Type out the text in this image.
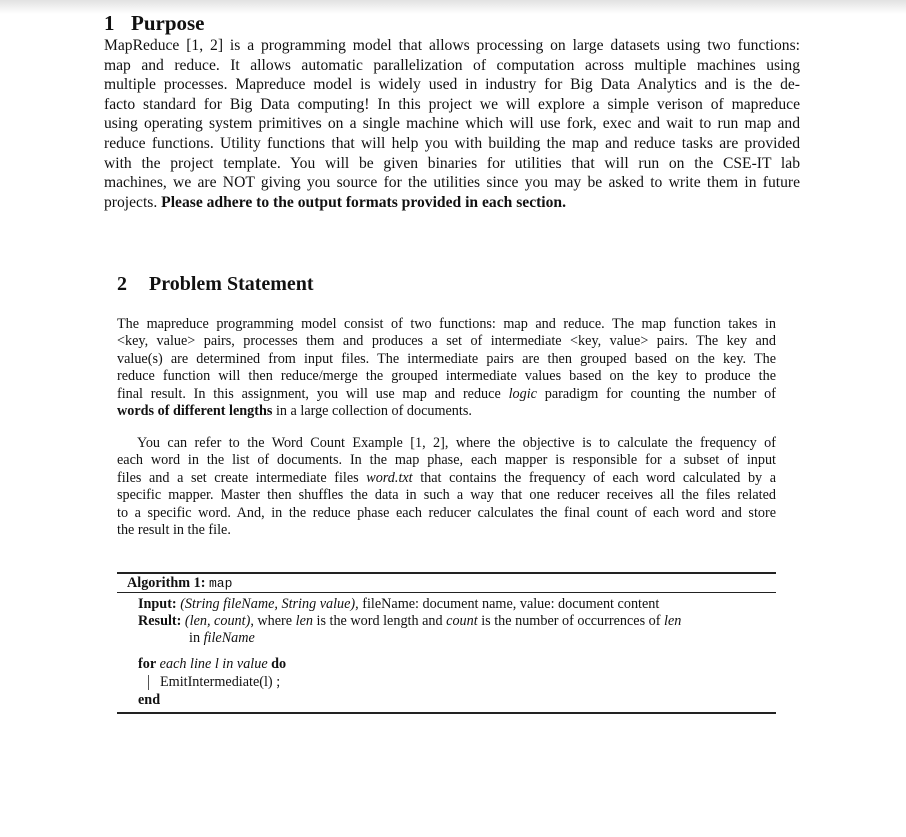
1 Purpose
MapReduce [1, 2] is a programming model that allows processing on large datasets using two functions:
map and reduce. It allows automatic parallelization of computation across multiple machines using
multiple processes. Mapreduce model is widely used in industry for Big Data Analytics and is the de-
facto standard for Big Data computing! In this project we will explore a simple verison of mapreduce
using operating system primitives on a single machine which will use fork, exec and wait to run map and
reduce functions. Utility functions that will help you with building the map and reduce tasks are provided
with the project template. You will be given binaries for utilities that will run on the CSE-IT lab
machines, we are NOT giving you source for the utilities since you may be asked to write them in future
projects. Please adhere to the output formats provided in each section.
2 Problem Statement
The mapreduce programming model consist of two functions: map and reduce. The map function takes in
<key, value> pairs, processes them and produces a set of intermediate <key, value> pairs. The key and
value(s) are determined from input files. The intermediate pairs are then grouped based on the key. The
reduce function will then reduce/merge the grouped intermediate values based on the key to produce the
final result. In this assignment, you will use map and reduce logic paradigm for counting the number of
words of different lengths in a large collection of documents.
You can refer to the Word Count Example [1, 2], where the objective is to calculate the frequency of
each word in the list of documents. In the map phase, each mapper is responsible for a subset of input
files and a set create intermediate files word.txt that contains the frequency of each word calculated by a
specific mapper. Master then shuffles the data in such a way that one reducer receives all the files related
to a specific word. And, in the reduce phase each reducer calculates the final count of each word and store
the result in the file.
Algorithm 1: map
Input: (String fileName, String value), fileName: document name, value: document content
Result: (len, count), where len is the word length and count is the number of occurrences of len
in fileName
for each line l in value do
EmitIntermediate(l) ;
end
